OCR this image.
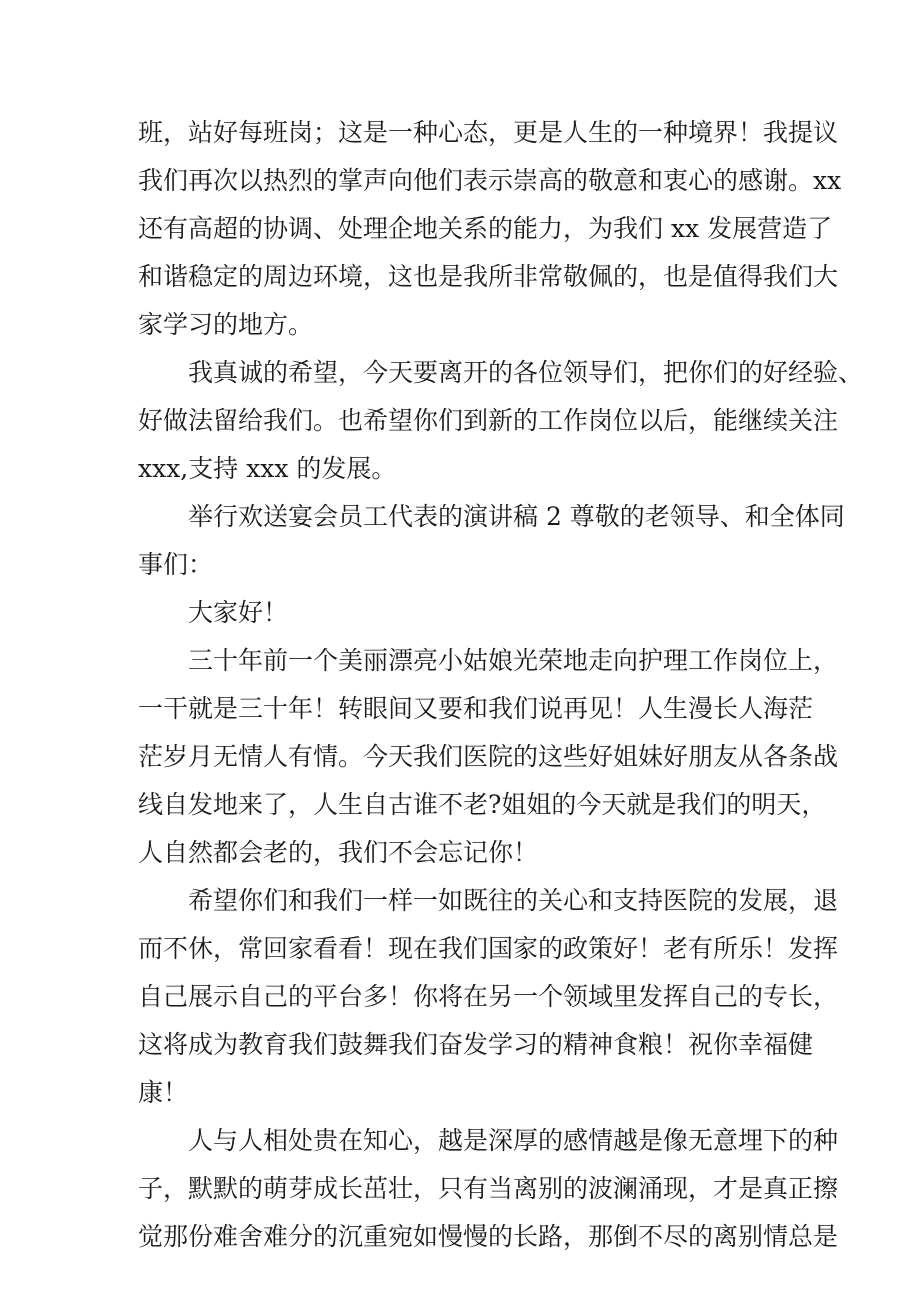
班，站好每班岗；这是一种心态，更是人生的一种境界！我提议
我们再次以热烈的掌声向他们表示崇高的敬意和衷心的感谢。xx
还有高超的协调、处理企地关系的能力，为我们 xx 发展营造了
和谐稳定的周边环境，这也是我所非常敬佩的，也是值得我们大
家学习的地方。
我真诚的希望，今天要离开的各位领导们，把你们的好经验、
好做法留给我们。也希望你们到新的工作岗位以后，能继续关注
xxx,支持 xxx 的发展。
举行欢送宴会员工代表的演讲稿 2 尊敬的老领导、和全体同
事们：
大家好！
三十年前一个美丽漂亮小姑娘光荣地走向护理工作岗位上，
一干就是三十年！转眼间又要和我们说再见！人生漫长人海茫
茫岁月无情人有情。今天我们医院的这些好姐妹好朋友从各条战
线自发地来了，人生自古谁不老?姐姐的今天就是我们的明天，
人自然都会老的，我们不会忘记你！
希望你们和我们一样一如既往的关心和支持医院的发展，退
而不休，常回家看看！现在我们国家的政策好！老有所乐！发挥
自己展示自己的平台多！你将在另一个领域里发挥自己的专长，
这将成为教育我们鼓舞我们奋发学习的精神食粮！祝你幸福健
康！
人与人相处贵在知心，越是深厚的感情越是像无意埋下的种
子，默默的萌芽成长茁壮，只有当离别的波澜涌现，才是真正擦
觉那份难舍难分的沉重宛如慢慢的长路，那倒不尽的离别情总是
